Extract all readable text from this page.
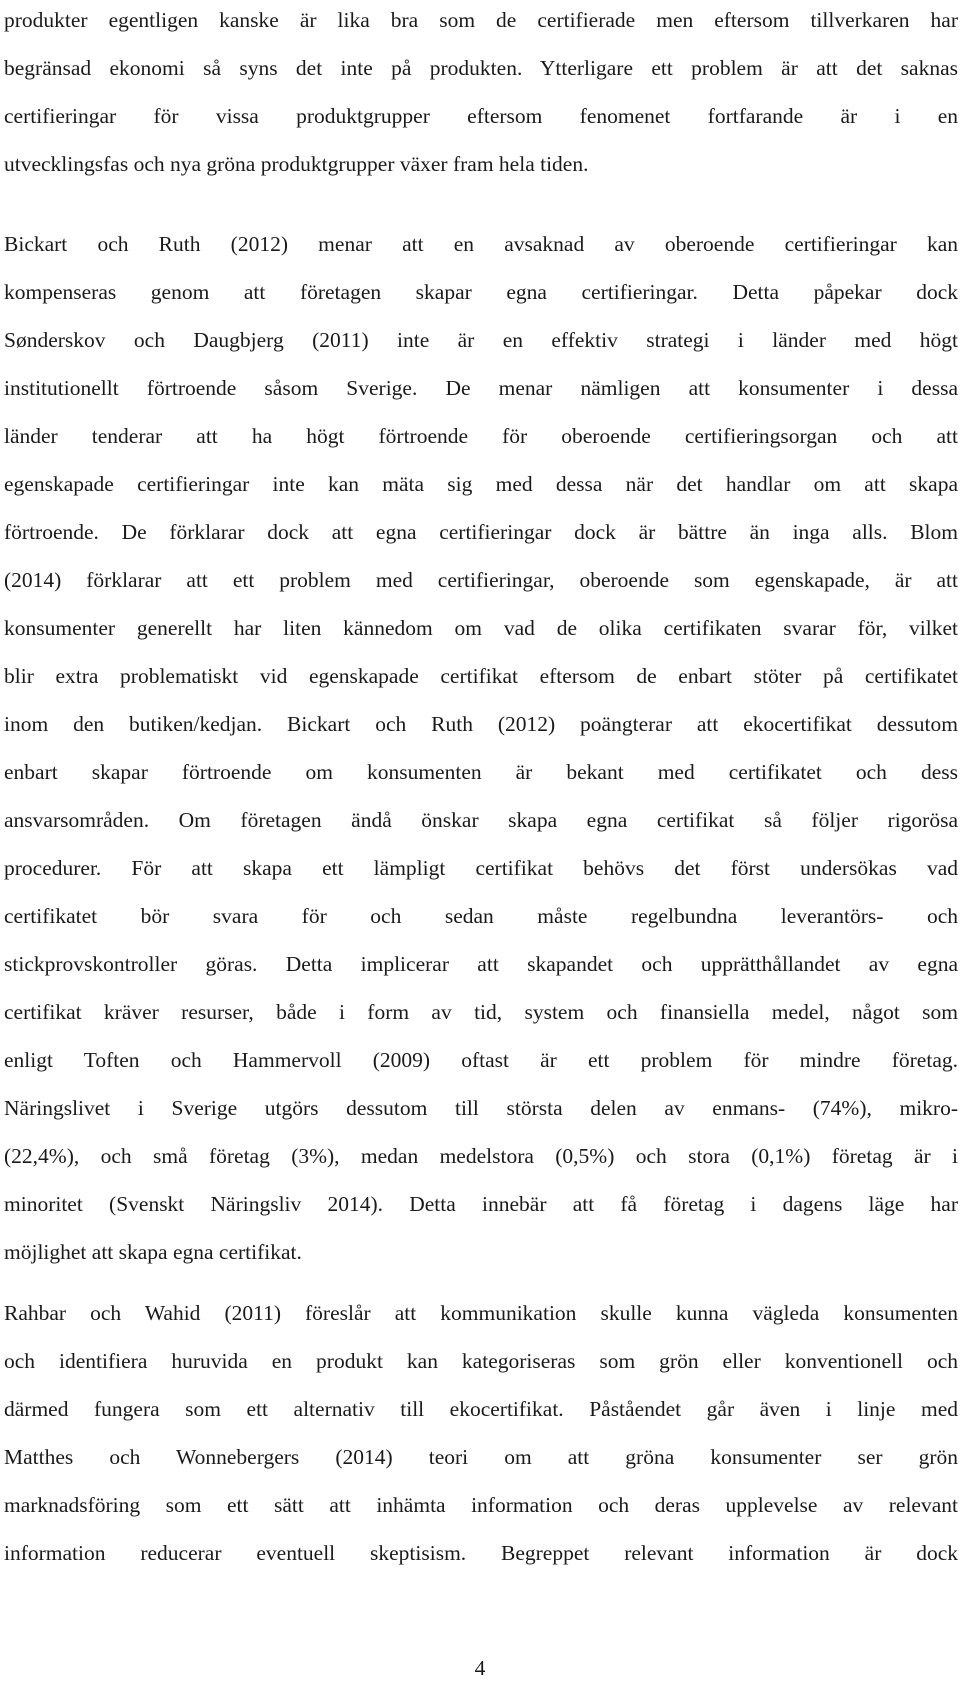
produkter egentligen kanske är lika bra som de certifierade men eftersom tillverkaren har
begränsad ekonomi så syns det inte på produkten. Ytterligare ett problem är att det saknas
certifieringar för vissa produktgrupper eftersom fenomenet fortfarande är i en
utvecklingsfas och nya gröna produktgrupper växer fram hela tiden.
Bickart och Ruth (2012) menar att en avsaknad av oberoende certifieringar kan
kompenseras genom att företagen skapar egna certifieringar. Detta påpekar dock
Sønderskov och Daugbjerg (2011) inte är en effektiv strategi i länder med högt
institutionellt förtroende såsom Sverige. De menar nämligen att konsumenter i dessa
länder tenderar att ha högt förtroende för oberoende certifieringsorgan och att
egenskapade certifieringar inte kan mäta sig med dessa när det handlar om att skapa
förtroende. De förklarar dock att egna certifieringar dock är bättre än inga alls. Blom
(2014) förklarar att ett problem med certifieringar, oberoende som egenskapade, är att
konsumenter generellt har liten kännedom om vad de olika certifikaten svarar för, vilket
blir extra problematiskt vid egenskapade certifikat eftersom de enbart stöter på certifikatet
inom den butiken/kedjan. Bickart och Ruth (2012) poängterar att ekocertifikat dessutom
enbart skapar förtroende om konsumenten är bekant med certifikatet och dess
ansvarsområden. Om företagen ändå önskar skapa egna certifikat så följer rigorösa
procedurer. För att skapa ett lämpligt certifikat behövs det först undersökas vad
certifikatet bör svara för och sedan måste regelbundna leverantörs- och
stickprovskontroller göras. Detta implicerar att skapandet och upprätthållandet av egna
certifikat kräver resurser, både i form av tid, system och finansiella medel, något som
enligt Toften och Hammervoll (2009) oftast är ett problem för mindre företag.
Näringslivet i Sverige utgörs dessutom till största delen av enmans- (74%), mikro-
(22,4%), och små företag (3%), medan medelstora (0,5%) och stora (0,1%) företag är i
minoritet (Svenskt Näringsliv 2014). Detta innebär att få företag i dagens läge har
möjlighet att skapa egna certifikat.
Rahbar och Wahid (2011) föreslår att kommunikation skulle kunna vägleda konsumenten
och identifiera huruvida en produkt kan kategoriseras som grön eller konventionell och
därmed fungera som ett alternativ till ekocertifikat. Påståendet går även i linje med
Matthes och Wonnebergers (2014) teori om att gröna konsumenter ser grön
marknadsföring som ett sätt att inhämta information och deras upplevelse av relevant
information reducerar eventuell skeptisism. Begreppet relevant information är dock
4
